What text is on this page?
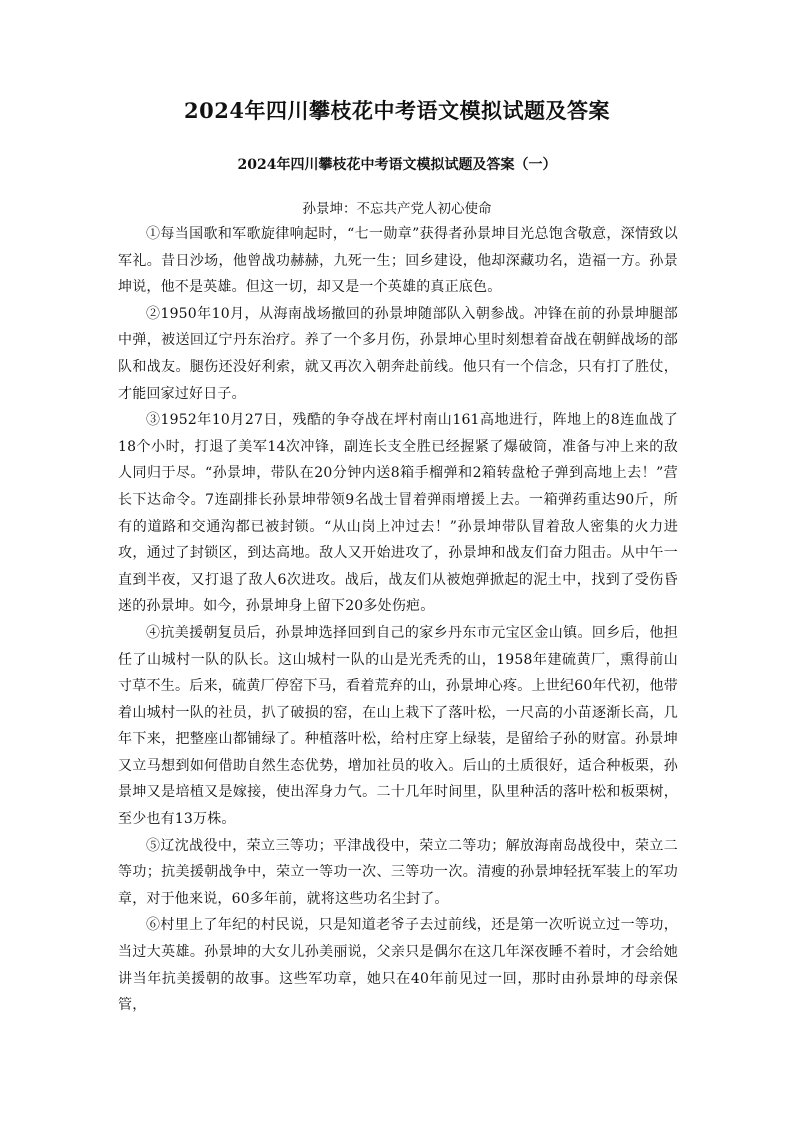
2024年四川攀枝花中考语文模拟试题及答案
2024年四川攀枝花中考语文模拟试题及答案（一）
孙景坤：不忘共产党人初心使命

①每当国歌和军歌旋律响起时，“七一勋章”获得者孙景坤目光总饱含敬意，深情致以军礼。昔日沙场，他曾战功赫赫，九死一生；回乡建设，他却深藏功名，造福一方。孙景坤说，他不是英雄。但这一切，却又是一个英雄的真正底色。

②1950年10月，从海南战场撤回的孙景坤随部队入朝参战。冲锋在前的孙景坤腿部中弹，被送回辽宁丹东治疗。养了一个多月伤，孙景坤心里时刻想着奋战在朝鲜战场的部队和战友。腿伤还没好利索，就又再次入朝奔赴前线。他只有一个信念，只有打了胜仗，才能回家过好日子。

③1952年10月27日，残酷的争夺战在坪村南山161高地进行，阵地上的8连血战了18个小时，打退了美军14次冲锋，副连长支全胜已经握紧了爆破筒，准备与冲上来的敌人同归于尽。“孙景坤，带队在20分钟内送8箱手榴弹和2箱转盘枪子弹到高地上去！”营长下达命令。7连副排长孙景坤带领9名战士冒着弹雨增援上去。一箱弹药重达90斤，所有的道路和交通沟都已被封锁。“从山岗上冲过去！”孙景坤带队冒着敌人密集的火力进攻，通过了封锁区，到达高地。敌人又开始进攻了，孙景坤和战友们奋力阻击。从中午一直到半夜，又打退了敌人6次进攻。战后，战友们从被炮弹掀起的泥土中，找到了受伤昏迷的孙景坤。如今，孙景坤身上留下20多处伤疤。

④抗美援朝复员后，孙景坤选择回到自己的家乡丹东市元宝区金山镇。回乡后，他担任了山城村一队的队长。这山城村一队的山是光秃秃的山，1958年建硫黄厂，熏得前山寸草不生。后来，硫黄厂停窑下马，看着荒弃的山，孙景坤心疼。上世纪60年代初，他带着山城村一队的社员，扒了破损的窑，在山上栽下了落叶松，一尺高的小苗逐渐长高，几年下来，把整座山都铺绿了。种植落叶松，给村庄穿上绿装，是留给子孙的财富。孙景坤又立马想到如何借助自然生态优势，增加社员的收入。后山的土质很好，适合种板栗，孙景坤又是培植又是嫁接，使出浑身力气。二十几年时间里，队里种活的落叶松和板栗树，至少也有13万株。

⑤辽沈战役中，荣立三等功；平津战役中，荣立二等功；解放海南岛战役中，荣立二等功；抗美援朝战争中，荣立一等功一次、三等功一次。清瘦的孙景坤轻抚军装上的军功章，对于他来说，60多年前，就将这些功名尘封了。

⑥村里上了年纪的村民说，只是知道老爷子去过前线，还是第一次听说立过一等功，当过大英雄。孙景坤的大女儿孙美丽说，父亲只是偶尔在这几年深夜睡不着时，才会给她讲当年抗美援朝的故事。这些军功章，她只在40年前见过一回，那时由孙景坤的母亲保管，
